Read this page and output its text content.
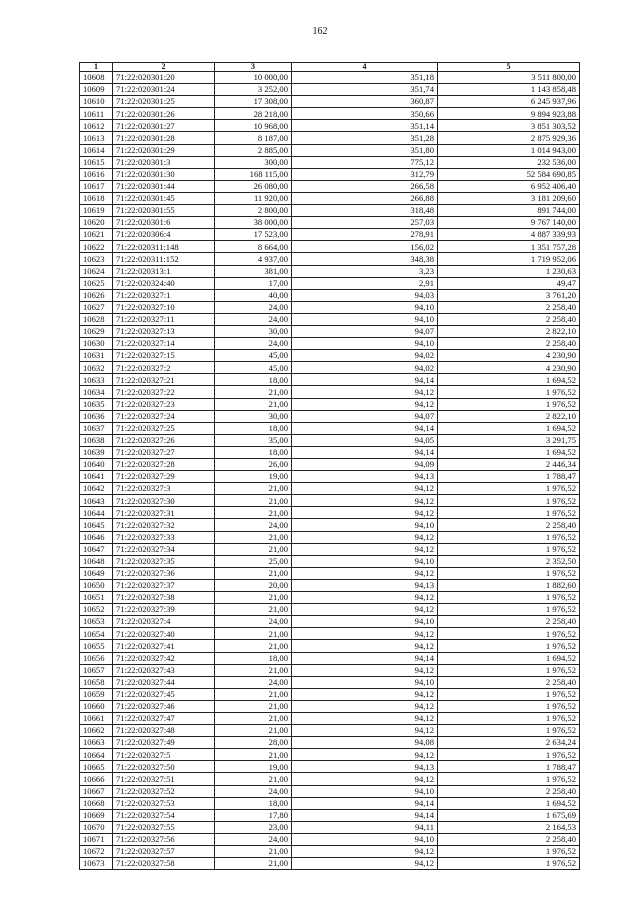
162
1	2	3	4	5
10608	71:22:020301:20	10 000,00	351,18	3 511 800,00
10609	71:22:020301:24	3 252,00	351,74	1 143 858,48
10610	71:22:020301:25	17 308,00	360,87	6 245 937,96
10611	71:22:020301:26	28 218,00	350,66	9 894 923,88
10612	71:22:020301:27	10 968,00	351,14	3 851 303,52
10613	71:22:020301:28	8 187,00	351,28	2 875 929,36
10614	71:22:020301:29	2 885,00	351,80	1 014 943,00
10615	71:22:020301:3	300,00	775,12	232 536,00
10616	71:22:020301:30	168 115,00	312,79	52 584 690,85
10617	71:22:020301:44	26 080,00	266,58	6 952 406,40
10618	71:22:020301:45	11 920,00	266,88	3 181 209,60
10619	71:22:020301:55	2 800,00	318,48	891 744,00
10620	71:22:020301:6	38 000,00	257,03	9 767 140,00
10621	71:22:020306:4	17 523,00	278,91	4 887 339,93
10622	71:22:020311:148	8 664,00	156,02	1 351 757,28
10623	71:22:020311:152	4 937,00	348,38	1 719 952,06
10624	71:22:020313:1	381,00	3,23	1 230,63
10625	71:22:020324:40	17,00	2,91	49,47
10626	71:22:020327:1	40,00	94,03	3 761,20
10627	71:22:020327:10	24,00	94,10	2 258,40
10628	71:22:020327:11	24,00	94,10	2 258,40
10629	71:22:020327:13	30,00	94,07	2 822,10
10630	71:22:020327:14	24,00	94,10	2 258,40
10631	71:22:020327:15	45,00	94,02	4 230,90
10632	71:22:020327:2	45,00	94,02	4 230,90
10633	71:22:020327:21	18,00	94,14	1 694,52
10634	71:22:020327:22	21,00	94,12	1 976,52
10635	71:22:020327:23	21,00	94,12	1 976,52
10636	71:22:020327:24	30,00	94,07	2 822,10
10637	71:22:020327:25	18,00	94,14	1 694,52
10638	71:22:020327:26	35,00	94,05	3 291,75
10639	71:22:020327:27	18,00	94,14	1 694,52
10640	71:22:020327:28	26,00	94,09	2 446,34
10641	71:22:020327:29	19,00	94,13	1 788,47
10642	71:22:020327:3	21,00	94,12	1 976,52
10643	71:22:020327:30	21,00	94,12	1 976,52
10644	71:22:020327:31	21,00	94,12	1 976,52
10645	71:22:020327:32	24,00	94,10	2 258,40
10646	71:22:020327:33	21,00	94,12	1 976,52
10647	71:22:020327:34	21,00	94,12	1 976,52
10648	71:22:020327:35	25,00	94,10	2 352,50
10649	71:22:020327:36	21,00	94,12	1 976,52
10650	71:22:020327:37	20,00	94,13	1 882,60
10651	71:22:020327:38	21,00	94,12	1 976,52
10652	71:22:020327:39	21,00	94,12	1 976,52
10653	71:22:020327:4	24,00	94,10	2 258,40
10654	71:22:020327:40	21,00	94,12	1 976,52
10655	71:22:020327:41	21,00	94,12	1 976,52
10656	71:22:020327:42	18,00	94,14	1 694,52
10657	71:22:020327:43	21,00	94,12	1 976,52
10658	71:22:020327:44	24,00	94,10	2 258,40
10659	71:22:020327:45	21,00	94,12	1 976,52
10660	71:22:020327:46	21,00	94,12	1 976,52
10661	71:22:020327:47	21,00	94,12	1 976,52
10662	71:22:020327:48	21,00	94,12	1 976,52
10663	71:22:020327:49	28,00	94,08	2 634,24
10664	71:22:020327:5	21,00	94,12	1 976,52
10665	71:22:020327:50	19,00	94,13	1 788,47
10666	71:22:020327:51	21,00	94,12	1 976,52
10667	71:22:020327:52	24,00	94,10	2 258,40
10668	71:22:020327:53	18,00	94,14	1 694,52
10669	71:22:020327:54	17,80	94,14	1 675,69
10670	71:22:020327:55	23,00	94,11	2 164,53
10671	71:22:020327:56	24,00	94,10	2 258,40
10672	71:22:020327:57	21,00	94,12	1 976,52
10673	71:22:020327:58	21,00	94,12	1 976,52
